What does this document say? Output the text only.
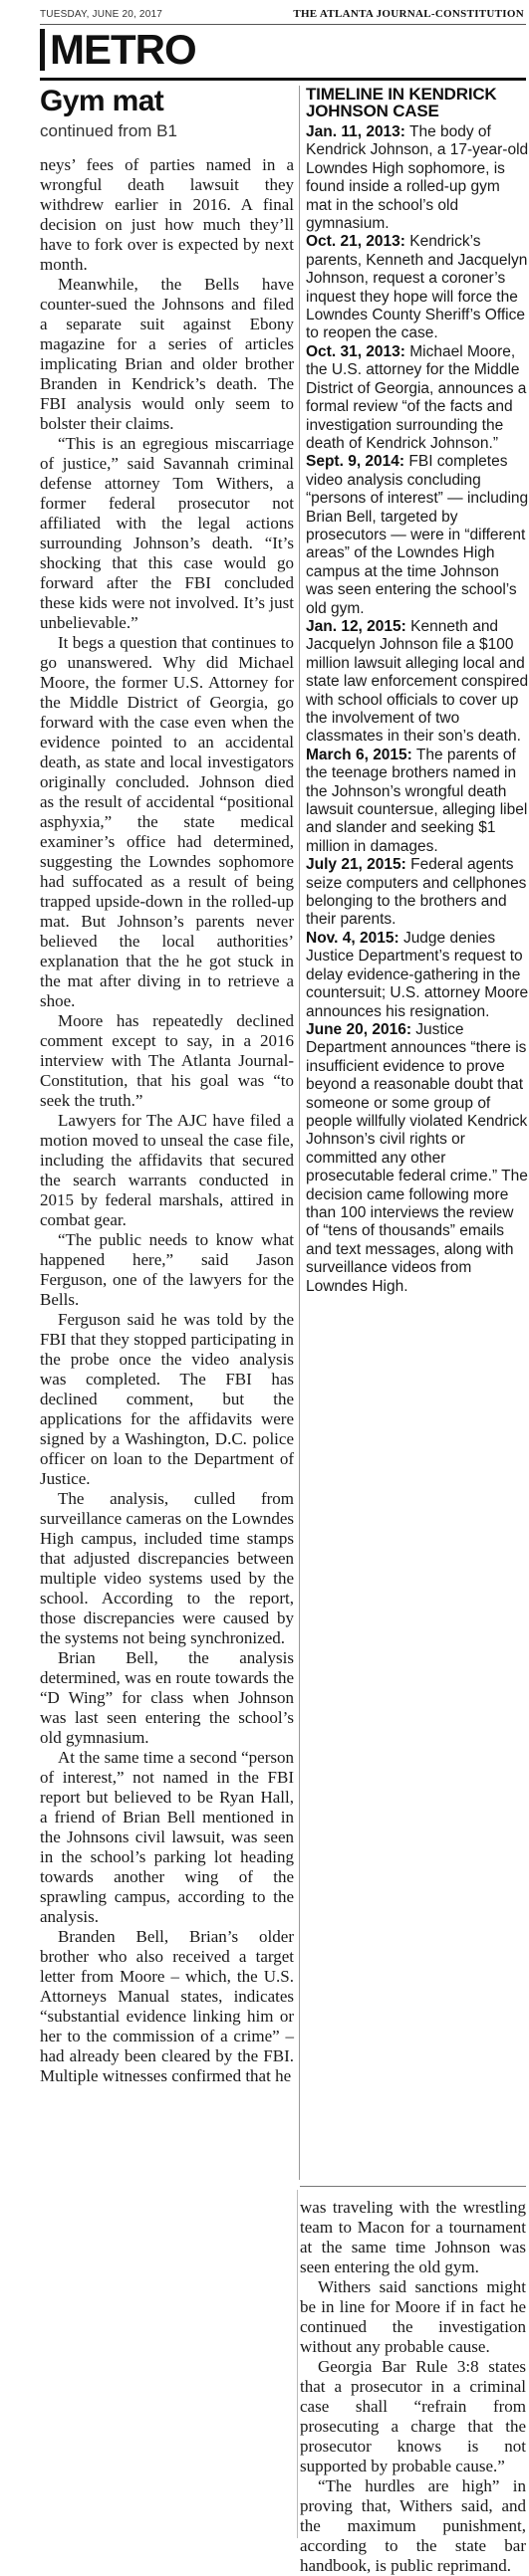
TUESDAY, JUNE 20, 2017	THE ATLANTA JOURNAL-CONSTITUTION
METRO
Gym mat
continued from B1

neys’ fees of parties named in a wrongful death lawsuit they withdrew earlier in 2016. A final decision on just how much they’ll have to fork over is expected by next month.

Meanwhile, the Bells have counter-sued the Johnsons and filed a separate suit against Ebony magazine for a series of articles implicating Brian and older brother Branden in Kendrick’s death. The FBI analysis would only seem to bolster their claims.

“This is an egregious miscarriage of justice,” said Savannah criminal defense attorney Tom Withers, a former federal prosecutor not affiliated with the legal actions surrounding Johnson’s death. “It’s shocking that this case would go forward after the FBI concluded these kids were not involved. It’s just unbelievable.”

It begs a question that continues to go unanswered. Why did Michael Moore, the former U.S. Attorney for the Middle District of Georgia, go forward with the case even when the evidence pointed to an accidental death, as state and local investigators originally concluded. Johnson died as the result of accidental “positional asphyxia,” the state medical examiner’s office had determined, suggesting the Lowndes sophomore had suffocated as a result of being trapped upside-down in the rolled-up mat. But Johnson’s parents never believed the local authorities’ explanation that the he got stuck in the mat after diving in to retrieve a shoe.

Moore has repeatedly declined comment except to say, in a 2016 interview with The Atlanta Journal-Constitution, that his goal was “to seek the truth.”

Lawyers for The AJC have filed a motion moved to unseal the case file, including the affidavits that secured the search warrants conducted in 2015 by federal marshals, attired in combat gear.

“The public needs to know what happened here,” said Jason Ferguson, one of the lawyers for the Bells.

Ferguson said he was told by the FBI that they stopped participating in the probe once the video analysis was completed. The FBI has declined comment, but the applications for the affidavits were signed by a Washington, D.C. police officer on loan to the Department of Justice.

The analysis, culled from surveillance cameras on the Lowndes High campus, included time stamps that adjusted discrepancies between multiple video systems used by the school. According to the report, those discrepancies were caused by the systems not being synchronized.

Brian Bell, the analysis determined, was en route towards the “D Wing” for class when Johnson was last seen entering the school’s old gymnasium.

At the same time a second “person of interest,” not named in the FBI report but believed to be Ryan Hall, a friend of Brian Bell mentioned in the Johnsons civil lawsuit, was seen in the school’s parking lot heading towards another wing of the sprawling campus, according to the analysis.

Branden Bell, Brian’s older brother who also received a target letter from Moore – which, the U.S. Attorneys Manual states, indicates “substantial evidence linking him or her to the commission of a crime” – had already been cleared by the FBI. Multiple witnesses confirmed that he

TIMELINE IN KENDRICK JOHNSON CASE

Jan. 11, 2013: The body of Kendrick Johnson, a 17-year-old Lowndes High sophomore, is found inside a rolled-up gym mat in the school’s old gymnasium.

Oct. 21, 2013: Kendrick’s parents, Kenneth and Jacquelyn Johnson, request a coroner’s inquest they hope will force the Lowndes County Sheriff’s Office to reopen the case.

Oct. 31, 2013: Michael Moore, the U.S. attorney for the Middle District of Georgia, announces a formal review “of the facts and investigation surrounding the death of Kendrick Johnson.”

Sept. 9, 2014: FBI completes video analysis concluding “persons of interest” — including Brian Bell, targeted by prosecutors — were in “different areas” of the Lowndes High campus at the time Johnson was seen entering the school’s old gym.

Jan. 12, 2015: Kenneth and Jacquelyn Johnson file a $100 million lawsuit alleging local and state law enforcement conspired with school officials to cover up the involvement of two classmates in their son’s death.

March 6, 2015: The parents of the teenage brothers named in the Johnson’s wrongful death lawsuit countersue, alleging libel and slander and seeking $1 million in damages.

July 21, 2015: Federal agents seize computers and cellphones belonging to the brothers and their parents.

Nov. 4, 2015: Judge denies Justice Department’s request to delay evidence-gathering in the countersuit; U.S. attorney Moore announces his resignation.

June 20, 2016: Justice Department announces “there is insufficient evidence to prove beyond a reasonable doubt that someone or some group of people willfully violated Kendrick Johnson’s civil rights or committed any other prosecutable federal crime.” The decision came following more than 100 interviews the review of “tens of thousands” emails and text messages, along with surveillance videos from Lowndes High.

was traveling with the wrestling team to Macon for a tournament at the same time Johnson was seen entering the old gym.

Withers said sanctions might be in line for Moore if in fact he continued the investigation without any probable cause.

Georgia Bar Rule 3:8 states that a prosecutor in a criminal case shall “refrain from prosecuting a charge that the prosecutor knows is not supported by probable cause.”

“The hurdles are high” in proving that, Withers said, and the maximum punishment, according to the state bar handbook, is public reprimand.
